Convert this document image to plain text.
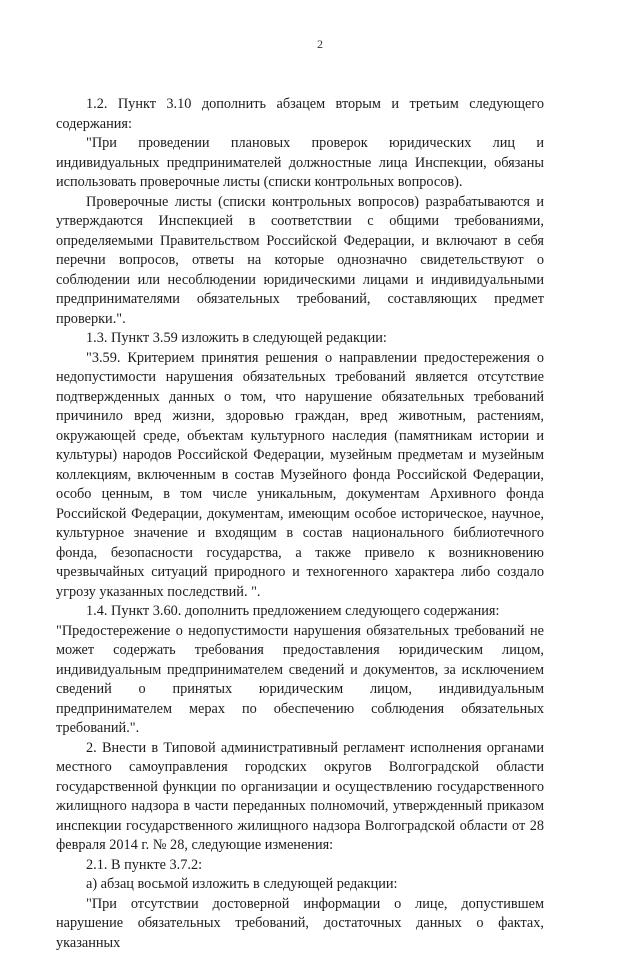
2

1.2. Пункт 3.10 дополнить абзацем вторым и третьим следующего содержания:

"При проведении плановых проверок юридических лиц и индивидуальных предпринимателей должностные лица Инспекции, обязаны использовать проверочные листы (списки контрольных вопросов).

Проверочные листы (списки контрольных вопросов) разрабатываются и утверждаются Инспекцией в соответствии с общими требованиями, определяемыми Правительством Российской Федерации, и включают в себя перечни вопросов, ответы на которые однозначно свидетельствуют о соблюдении или несоблюдении юридическими лицами и индивидуальными предпринимателями обязательных требований, составляющих предмет проверки.".

1.3. Пункт 3.59 изложить в следующей редакции:

"3.59. Критерием принятия решения о направлении предостережения о недопустимости нарушения обязательных требований является отсутствие подтвержденных данных о том, что нарушение обязательных требований причинило вред жизни, здоровью граждан, вред животным, растениям, окружающей среде, объектам культурного наследия (памятникам истории и культуры) народов Российской Федерации, музейным предметам и музейным коллекциям, включенным в состав Музейного фонда Российской Федерации, особо ценным, в том числе уникальным, документам Архивного фонда Российской Федерации, документам, имеющим особое историческое, научное, культурное значение и входящим в состав национального библиотечного фонда, безопасности государства, а также привело к возникновению чрезвычайных ситуаций природного и техногенного характера либо создало угрозу указанных последствий. ".

1.4. Пункт 3.60. дополнить предложением следующего содержания:

"Предостережение о недопустимости нарушения обязательных требований не может содержать требования предоставления юридическим лицом, индивидуальным предпринимателем сведений и документов, за исключением сведений о принятых юридическим лицом, индивидуальным предпринимателем мерах по обеспечению соблюдения обязательных требований.".

2. Внести в Типовой административный регламент исполнения органами местного самоуправления городских округов Волгоградской области государственной функции по организации и осуществлению государственного жилищного надзора в части переданных полномочий, утвержденный приказом инспекции государственного жилищного надзора Волгоградской области от 28 февраля 2014 г. № 28, следующие изменения:

2.1. В пункте 3.7.2:

а) абзац восьмой изложить в следующей редакции:

"При отсутствии достоверной информации о лице, допустившем нарушение обязательных требований, достаточных данных о фактах, указанных
